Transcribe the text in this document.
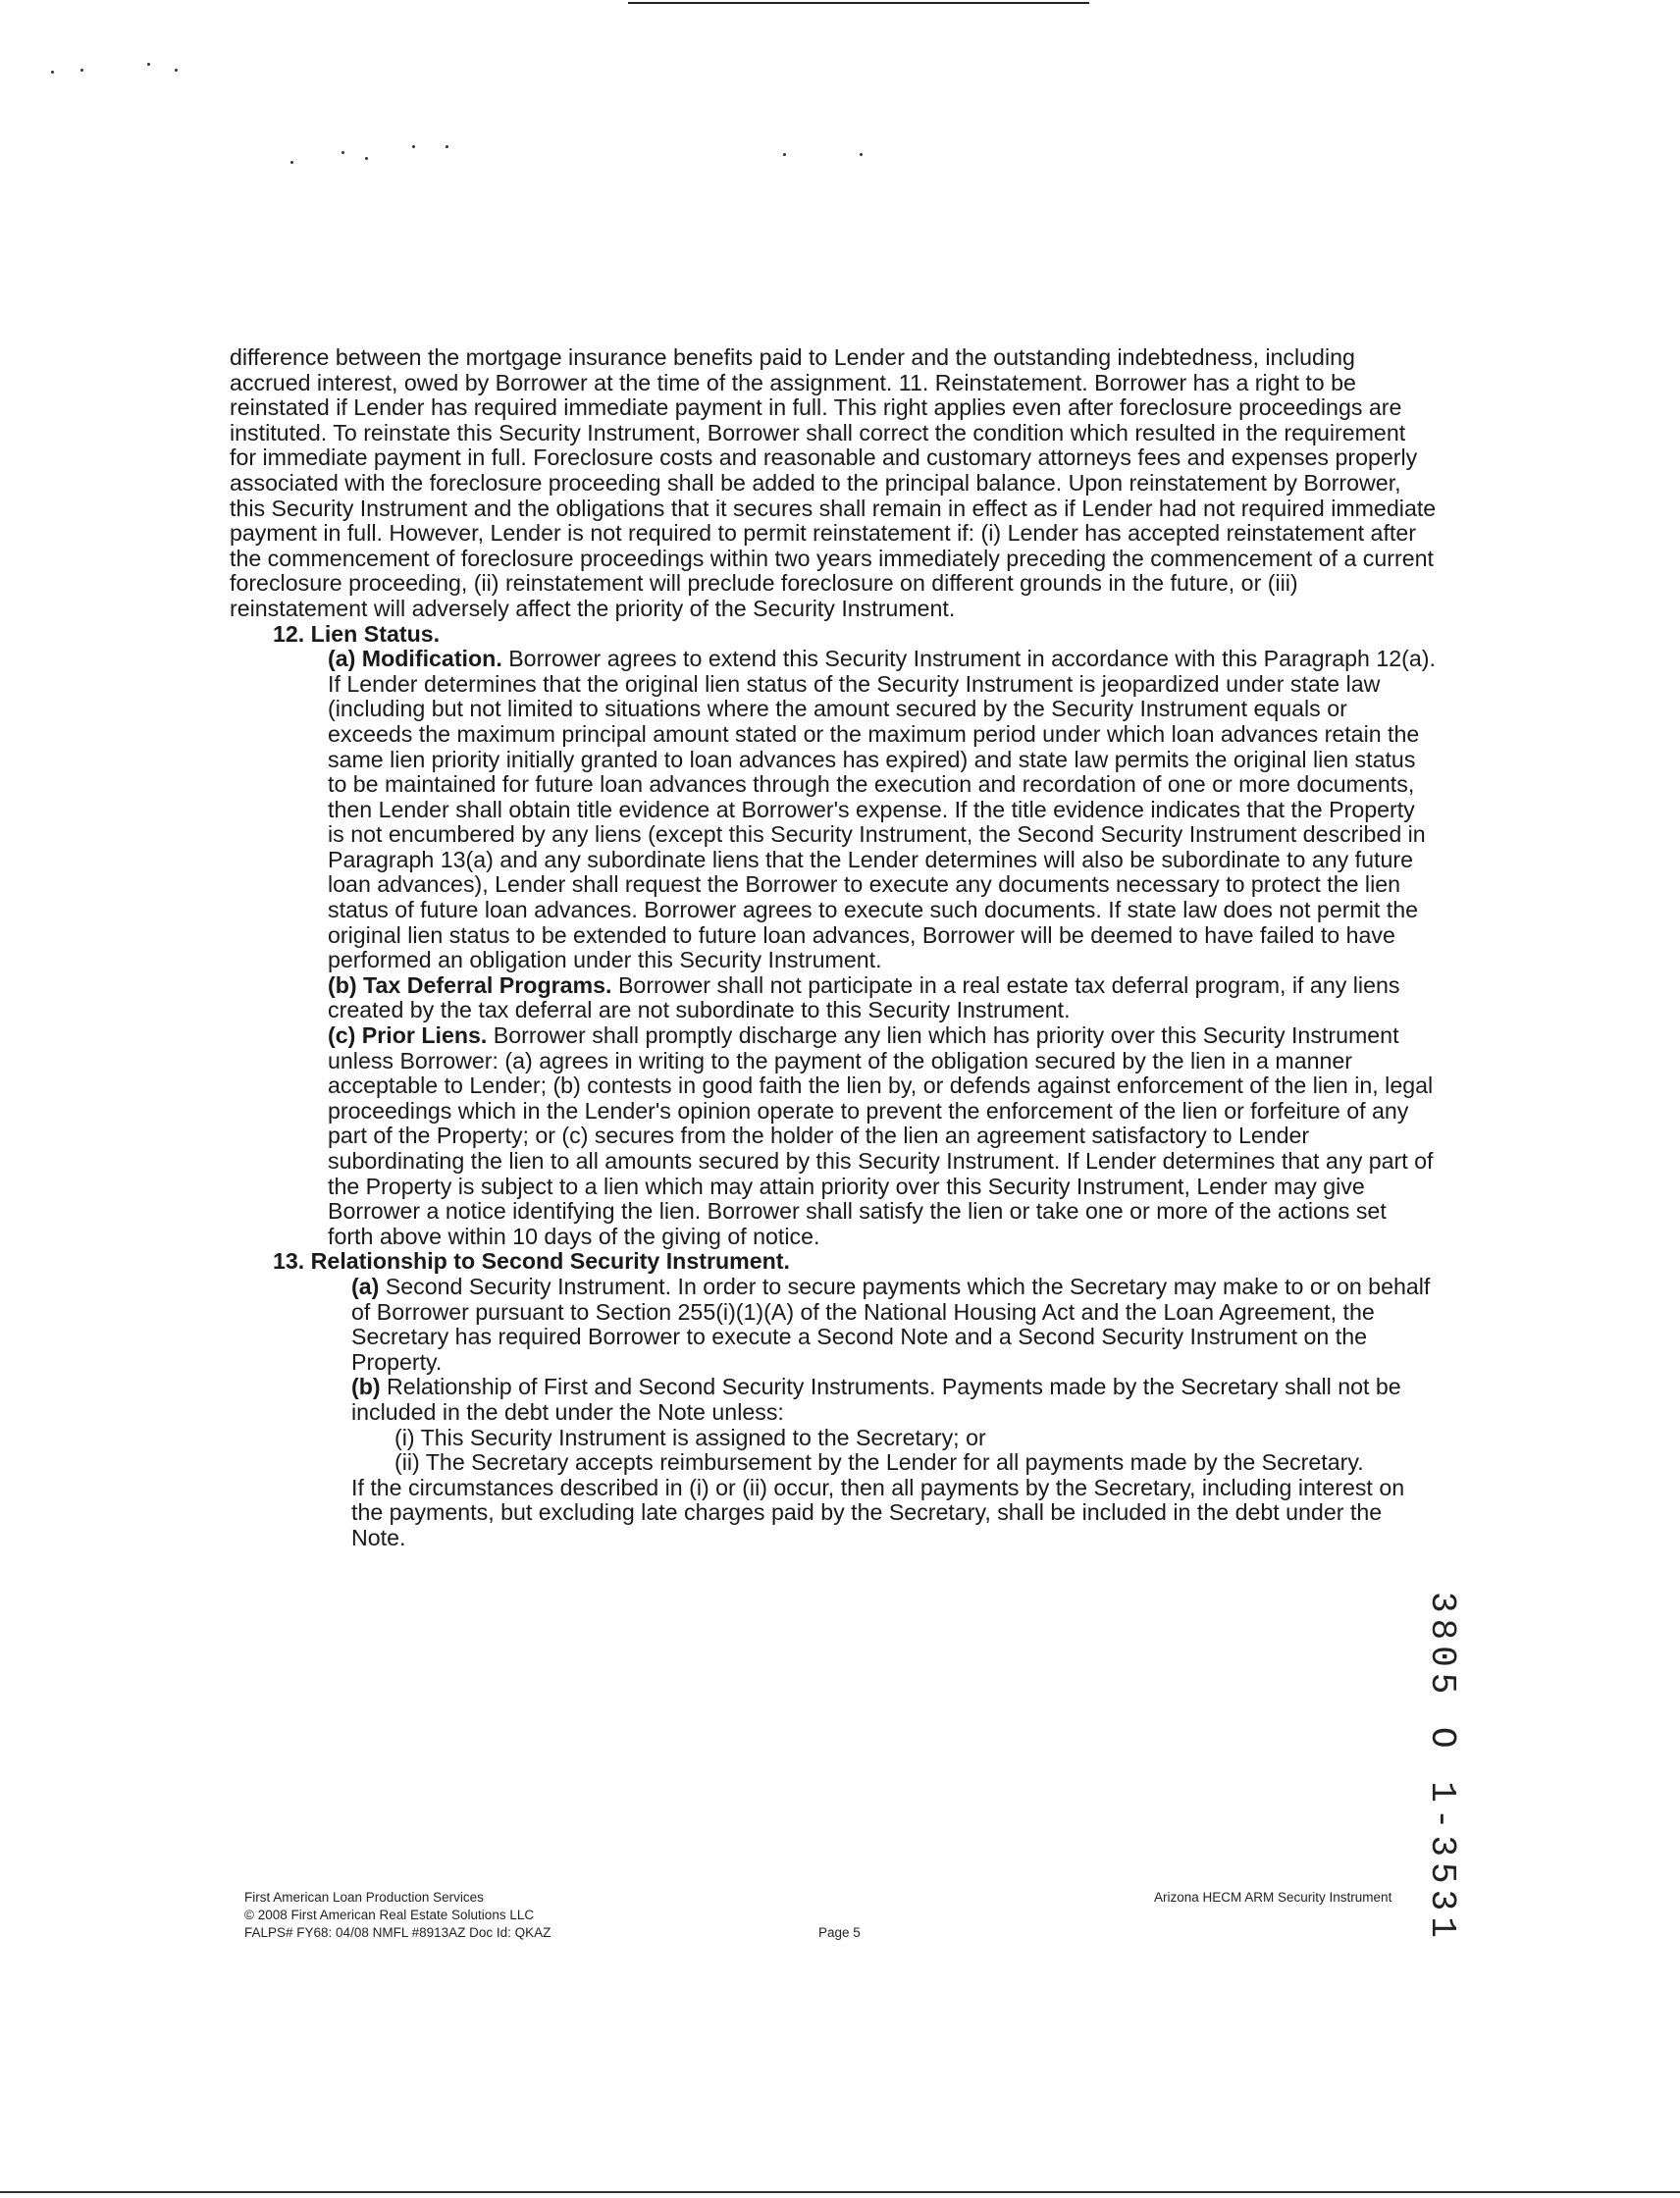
difference between the mortgage insurance benefits paid to Lender and the outstanding indebtedness, including accrued interest, owed by Borrower at the time of the assignment. 11. Reinstatement. Borrower has a right to be reinstated if Lender has required immediate payment in full. This right applies even after foreclosure proceedings are instituted. To reinstate this Security Instrument, Borrower shall correct the condition which resulted in the requirement for immediate payment in full. Foreclosure costs and reasonable and customary attorneys fees and expenses properly associated with the foreclosure proceeding shall be added to the principal balance. Upon reinstatement by Borrower, this Security Instrument and the obligations that it secures shall remain in effect as if Lender had not required immediate payment in full. However, Lender is not required to permit reinstatement if: (i) Lender has accepted reinstatement after the commencement of foreclosure proceedings within two years immediately preceding the commencement of a current foreclosure proceeding, (ii) reinstatement will preclude foreclosure on different grounds in the future, or (iii) reinstatement will adversely affect the priority of the Security Instrument.

12. Lien Status.

(a) Modification. Borrower agrees to extend this Security Instrument in accordance with this Paragraph 12(a). If Lender determines that the original lien status of the Security Instrument is jeopardized under state law (including but not limited to situations where the amount secured by the Security Instrument equals or exceeds the maximum principal amount stated or the maximum period under which loan advances retain the same lien priority initially granted to loan advances has expired) and state law permits the original lien status to be maintained for future loan advances through the execution and recordation of one or more documents, then Lender shall obtain title evidence at Borrower's expense. If the title evidence indicates that the Property is not encumbered by any liens (except this Security Instrument, the Second Security Instrument described in Paragraph 13(a) and any subordinate liens that the Lender determines will also be subordinate to any future loan advances), Lender shall request the Borrower to execute any documents necessary to protect the lien status of future loan advances. Borrower agrees to execute such documents. If state law does not permit the original lien status to be extended to future loan advances, Borrower will be deemed to have failed to have performed an obligation under this Security Instrument.

(b) Tax Deferral Programs. Borrower shall not participate in a real estate tax deferral program, if any liens created by the tax deferral are not subordinate to this Security Instrument.

(c) Prior Liens. Borrower shall promptly discharge any lien which has priority over this Security Instrument unless Borrower: (a) agrees in writing to the payment of the obligation secured by the lien in a manner acceptable to Lender; (b) contests in good faith the lien by, or defends against enforcement of the lien in, legal proceedings which in the Lender's opinion operate to prevent the enforcement of the lien or forfeiture of any part of the Property; or (c) secures from the holder of the lien an agreement satisfactory to Lender subordinating the lien to all amounts secured by this Security Instrument. If Lender determines that any part of the Property is subject to a lien which may attain priority over this Security Instrument, Lender may give Borrower a notice identifying the lien. Borrower shall satisfy the lien or take one or more of the actions set forth above within 10 days of the giving of notice.

13. Relationship to Second Security Instrument.

(a) Second Security Instrument. In order to secure payments which the Secretary may make to or on behalf of Borrower pursuant to Section 255(i)(1)(A) of the National Housing Act and the Loan Agreement, the Secretary has required Borrower to execute a Second Note and a Second Security Instrument on the Property.

(b) Relationship of First and Second Security Instruments. Payments made by the Secretary shall not be included in the debt under the Note unless:

(i) This Security Instrument is assigned to the Secretary; or

(ii) The Secretary accepts reimbursement by the Lender for all payments made by the Secretary.

If the circumstances described in (i) or (ii) occur, then all payments by the Secretary, including interest on the payments, but excluding late charges paid by the Secretary, shall be included in the debt under the Note.

3805 O 1-3531
First American Loan Production Services
© 2008 First American Real Estate Solutions LLC
FALPS# FY68: 04/08 NMFL #8913AZ Doc Id: QKAZ	Page 5
Arizona HECM ARM Security Instrument
